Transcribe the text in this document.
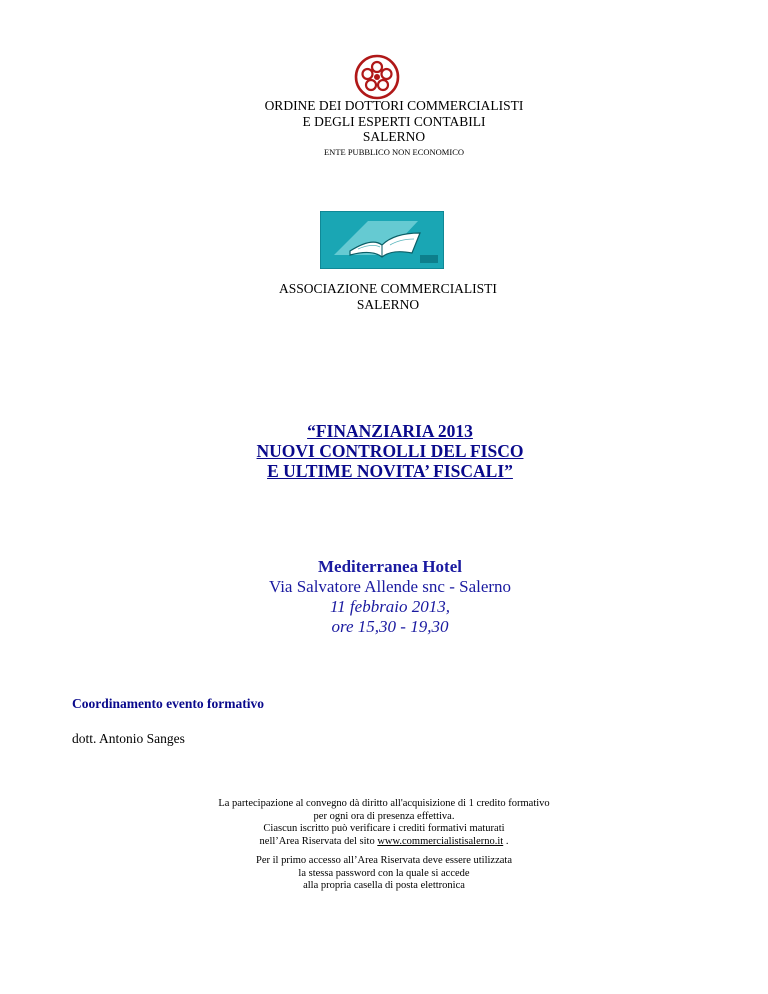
ORDINE DEI DOTTORI COMMERCIALISTI
E DEGLI ESPERTI CONTABILI
SALERNO
ENTE PUBBLICO NON ECONOMICO
ASSOCIAZIONE COMMERCIALISTI
SALERNO
“FINANZIARIA 2013
NUOVI CONTROLLI DEL FISCO
E ULTIME NOVITA’ FISCALI”
Mediterranea Hotel
Via Salvatore Allende snc - Salerno
11 febbraio 2013,
ore 15,30 - 19,30
Coordinamento evento formativo
dott. Antonio Sanges
La partecipazione al convegno dà diritto all'acquisizione di 1 credito formativo
per ogni ora di presenza effettiva.
Ciascun iscritto può verificare i crediti formativi maturati
nell’Area Riservata del sito www.commercialistisalerno.it .
Per il primo accesso all’Area Riservata deve essere utilizzata
la stessa password con la quale si accede
alla propria casella di posta elettronica
